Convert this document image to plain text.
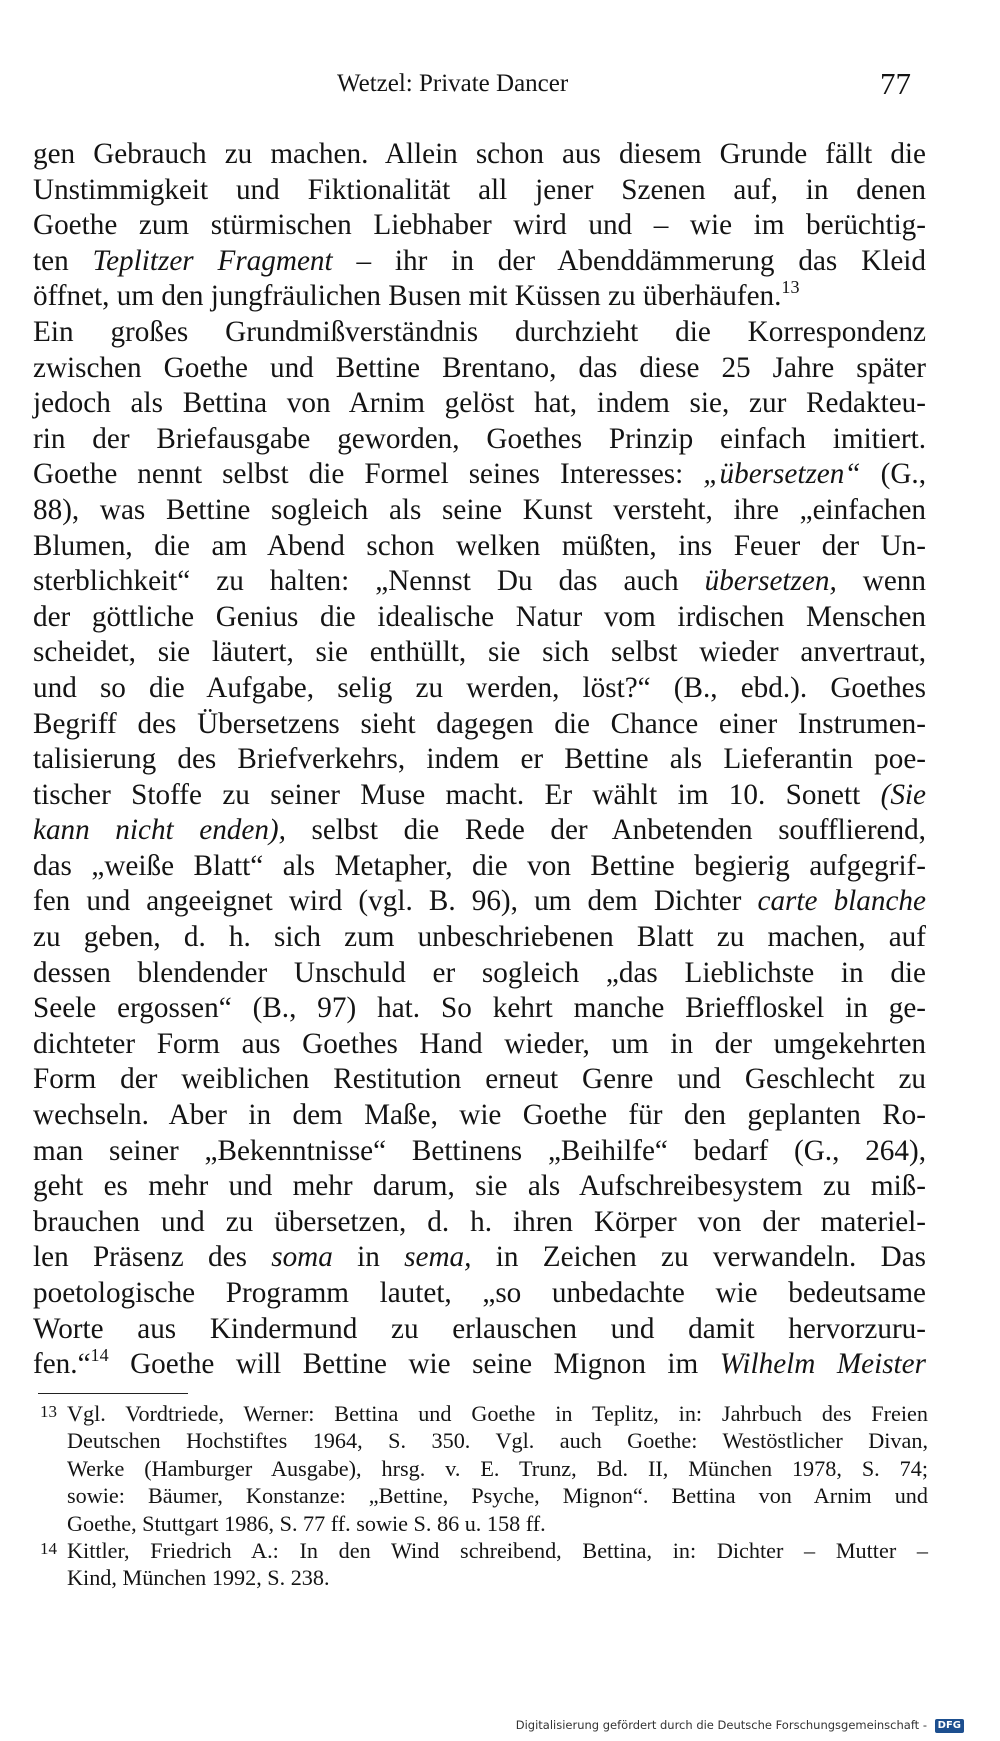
Wetzel: Private Dancer	77
gen Gebrauch zu machen. Allein schon aus diesem Grunde fällt die
Unstimmigkeit und Fiktionalität all jener Szenen auf, in denen
Goethe zum stürmischen Liebhaber wird und – wie im berüchtig-
ten Teplitzer Fragment – ihr in der Abenddämmerung das Kleid
öffnet, um den jungfräulichen Busen mit Küssen zu überhäufen.$^{13}$
Ein großes Grundmißverständnis durchzieht die Korrespondenz
zwischen Goethe und Bettine Brentano, das diese 25 Jahre später
jedoch als Bettina von Arnim gelöst hat, indem sie, zur Redakteu-
rin der Briefausgabe geworden, Goethes Prinzip einfach imitiert.
Goethe nennt selbst die Formel seines Interesses: „übersetzen“ (G.,
88), was Bettine sogleich als seine Kunst versteht, ihre „einfachen
Blumen, die am Abend schon welken müßten, ins Feuer der Un-
sterblichkeit“ zu halten: „Nennst Du das auch übersetzen, wenn
der göttliche Genius die idealische Natur vom irdischen Menschen
scheidet, sie läutert, sie enthüllt, sie sich selbst wieder anvertraut,
und so die Aufgabe, selig zu werden, löst?“ (B., ebd.). Goethes
Begriff des Übersetzens sieht dagegen die Chance einer Instrumen-
talisierung des Briefverkehrs, indem er Bettine als Lieferantin poe-
tischer Stoffe zu seiner Muse macht. Er wählt im 10. Sonett (Sie
kann nicht enden), selbst die Rede der Anbetenden soufflierend,
das „weiße Blatt“ als Metapher, die von Bettine begierig aufgegrif-
fen und angeeignet wird (vgl. B. 96), um dem Dichter carte blanche
zu geben, d. h. sich zum unbeschriebenen Blatt zu machen, auf
dessen blendender Unschuld er sogleich „das Lieblichste in die
Seele ergossen“ (B., 97) hat. So kehrt manche Brieffloskel in ge-
dichteter Form aus Goethes Hand wieder, um in der umgekehrten
Form der weiblichen Restitution erneut Genre und Geschlecht zu
wechseln. Aber in dem Maße, wie Goethe für den geplanten Ro-
man seiner „Bekenntnisse“ Bettinens „Beihilfe“ bedarf (G., 264),
geht es mehr und mehr darum, sie als Aufschreibesystem zu miß-
brauchen und zu übersetzen, d. h. ihren Körper von der materiel-
len Präsenz des soma in sema, in Zeichen zu verwandeln. Das
poetologische Programm lautet, „so unbedachte wie bedeutsame
Worte aus Kindermund zu erlauschen und damit hervorzuru-
fen.“$^{14}$ Goethe will Bettine wie seine Mignon im Wilhelm Meister
13 Vgl. Vordtriede, Werner: Bettina und Goethe in Teplitz, in: Jahrbuch des Freien
Deutschen Hochstiftes 1964, S. 350. Vgl. auch Goethe: Westöstlicher Divan,
Werke (Hamburger Ausgabe), hrsg. v. E. Trunz, Bd. II, München 1978, S. 74;
sowie: Bäumer, Konstanze: „Bettine, Psyche, Mignon“. Bettina von Arnim und
Goethe, Stuttgart 1986, S. 77 ff. sowie S. 86 u. 158 ff.
14 Kittler, Friedrich A.: In den Wind schreibend, Bettina, in: Dichter – Mutter –
Kind, München 1992, S. 238.
Digitalisierung gefördert durch die Deutsche Forschungsgemeinschaft - DFG
